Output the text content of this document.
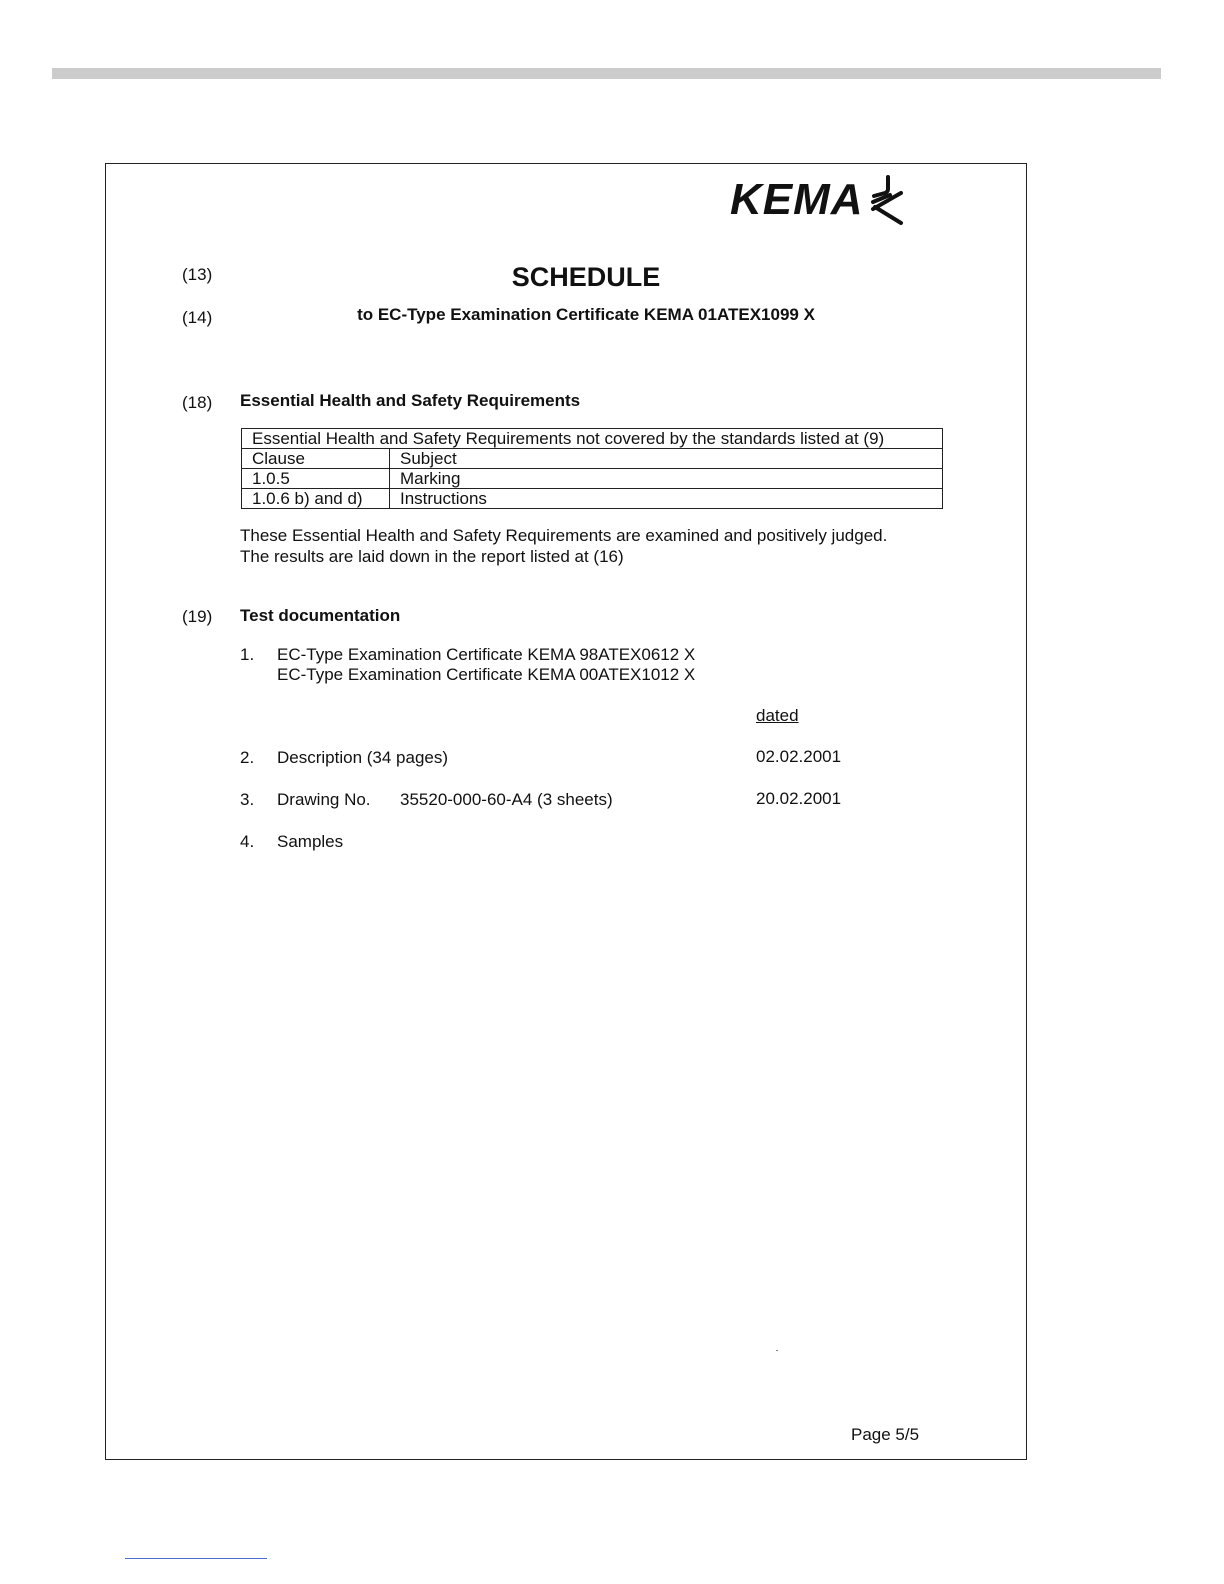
KEMA
(13)	SCHEDULE
(14)	to EC-Type Examination Certificate KEMA 01ATEX1099 X
(18) Essential Health and Safety Requirements
Essential Health and Safety Requirements not covered by the standards listed at (9)	
Clause	Subject
1.0.5	Marking
1.0.6 b) and d)	Instructions
These Essential Health and Safety Requirements are examined and positively judged.
The results are laid down in the report listed at (16)
(19) Test documentation
1. EC-Type Examination Certificate KEMA 98ATEX0612 X
EC-Type Examination Certificate KEMA 00ATEX1012 X
dated
2. Description (34 pages)	02.02.2001
3. Drawing No. 35520-000-60-A4 (3 sheets)	20.02.2001
4. Samples
Page 5/5
